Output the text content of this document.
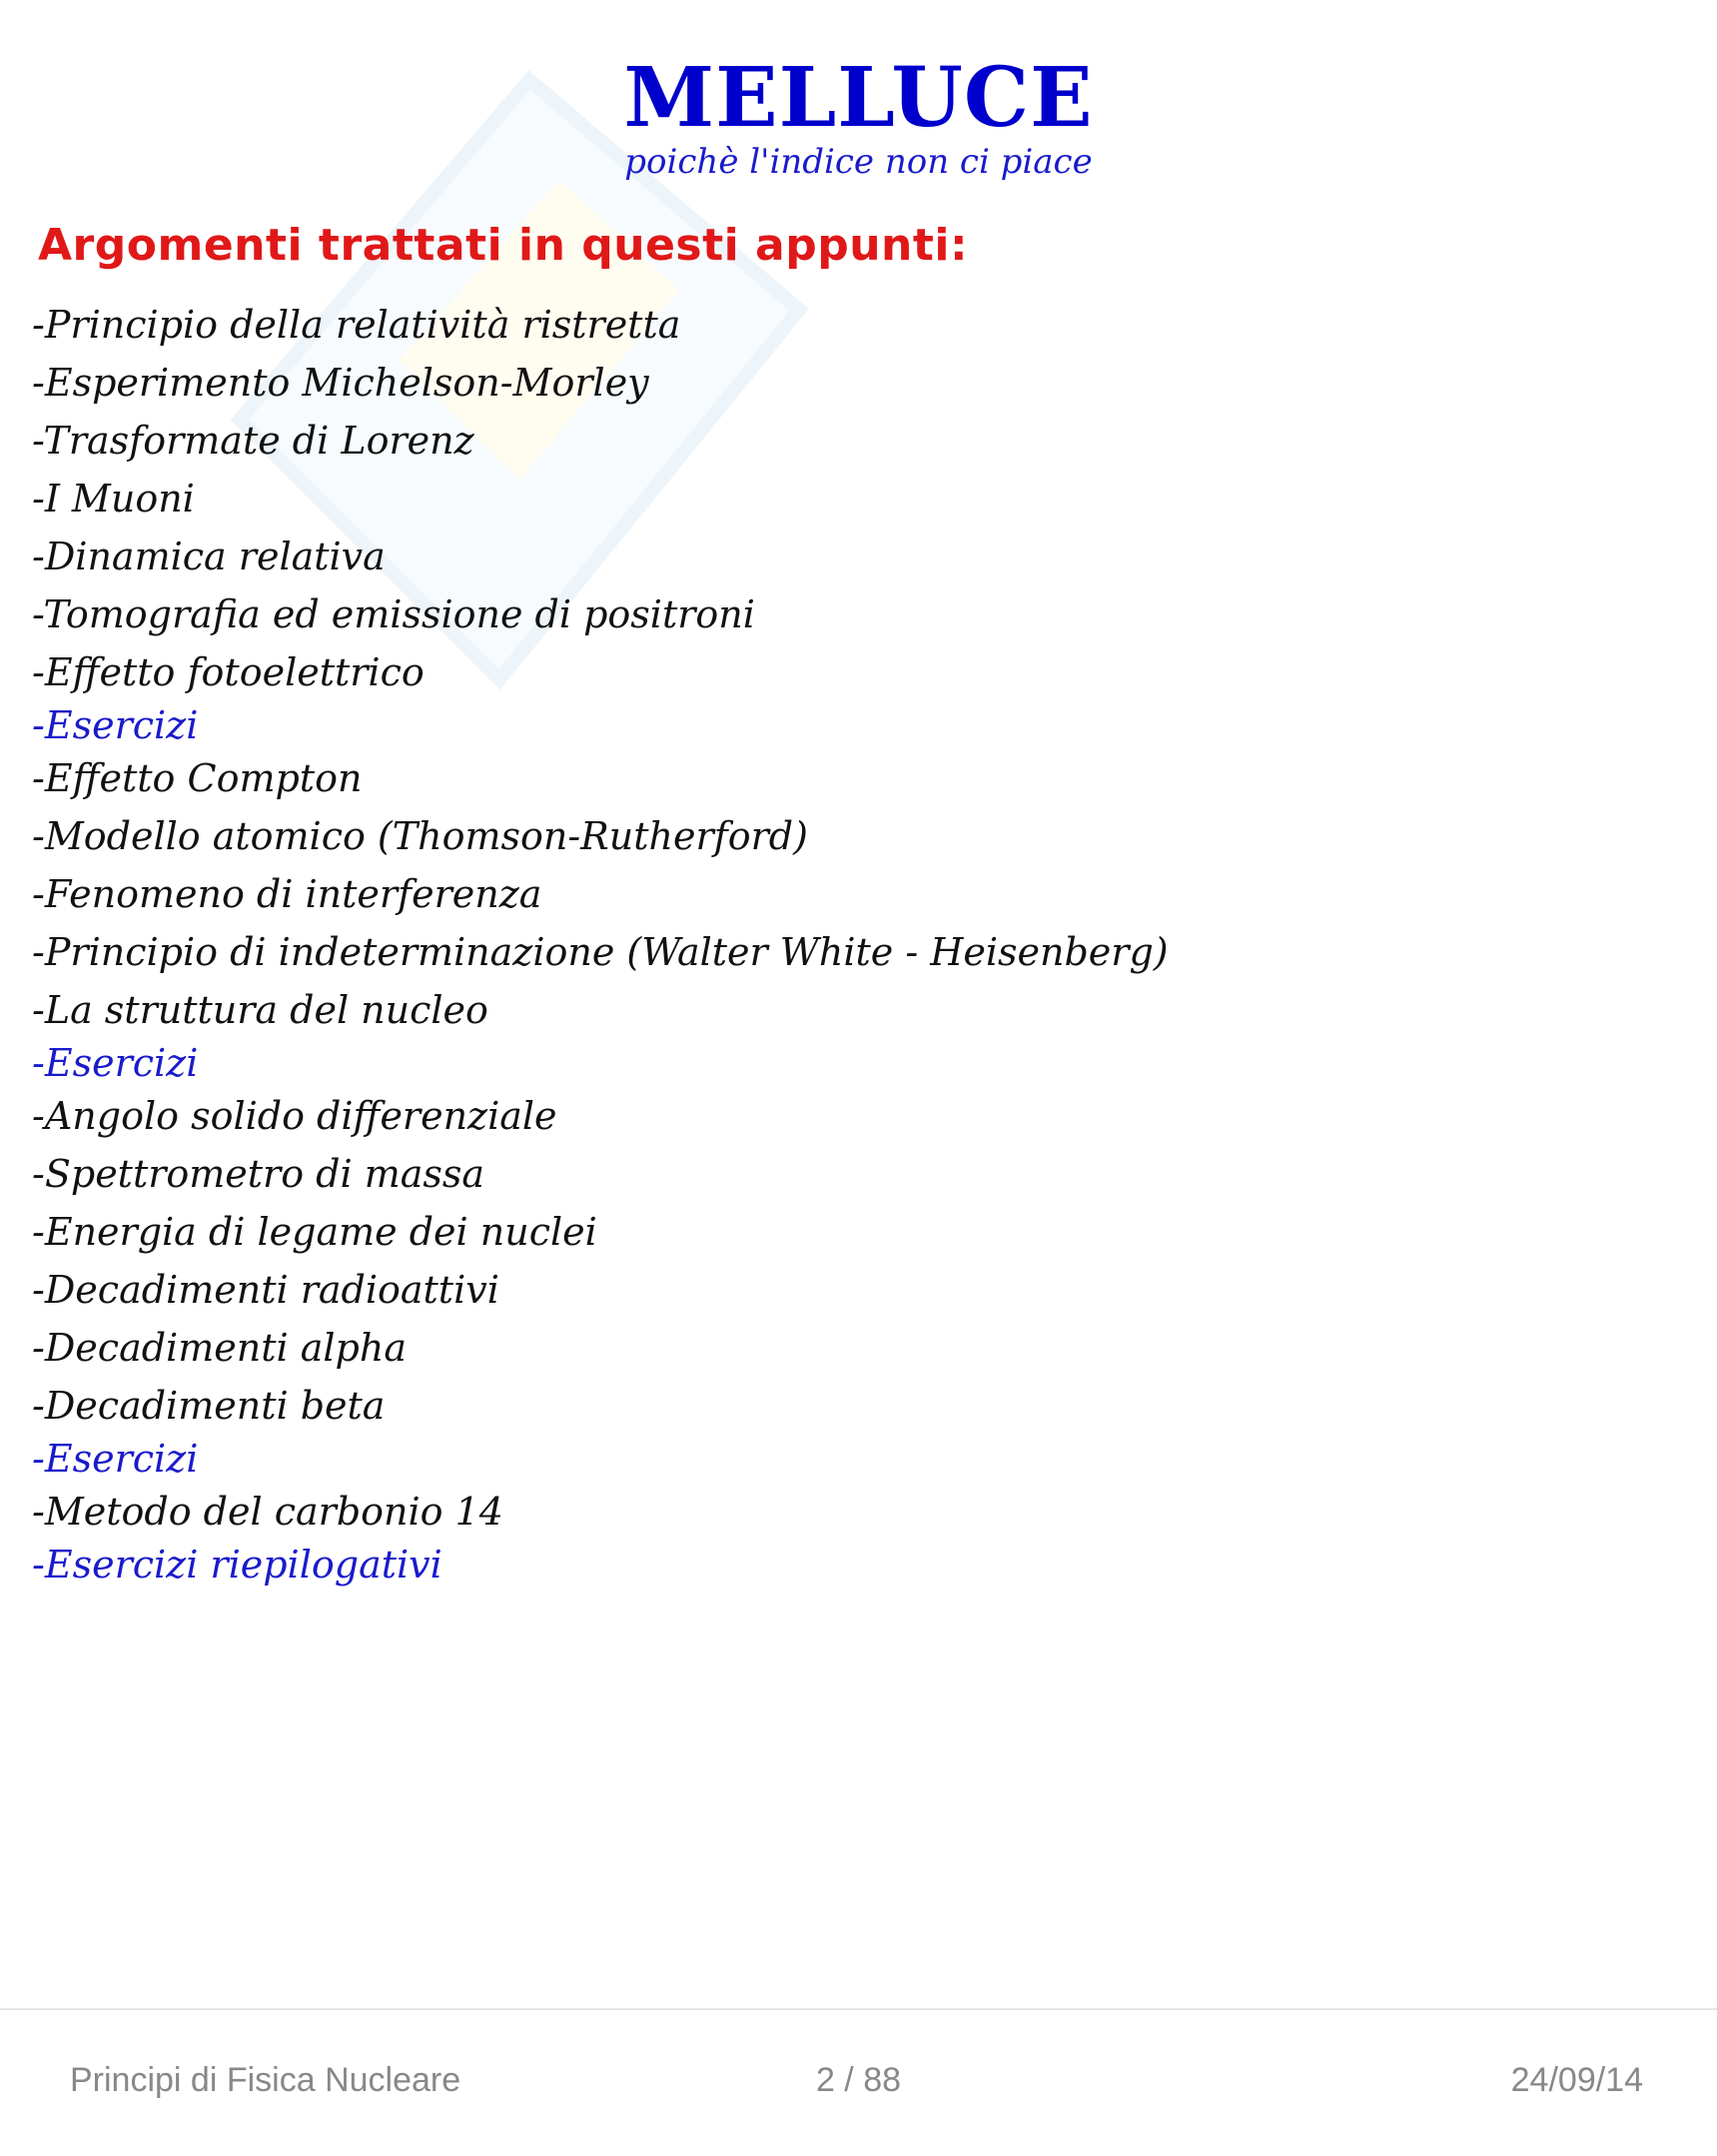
MELLUCE
poichè l'indice non ci piace
Argomenti trattati in questi appunti:
-Principio della relatività ristretta
-Esperimento Michelson-Morley
-Trasformate di Lorenz
-I Muoni
-Dinamica relativa
-Tomografia ed emissione di positroni
-Effetto fotoelettrico
-Esercizi
-Effetto Compton
-Modello atomico (Thomson-Rutherford)
-Fenomeno di interferenza
-Principio di indeterminazione (Walter White - Heisenberg)
-La struttura del nucleo
-Esercizi
-Angolo solido differenziale
-Spettrometro di massa
-Energia di legame dei nuclei
-Decadimenti radioattivi
-Decadimenti alpha
-Decadimenti beta
-Esercizi
-Metodo del carbonio 14
-Esercizi riepilogativi
Principi di Fisica Nucleare	2 / 88	24/09/14
